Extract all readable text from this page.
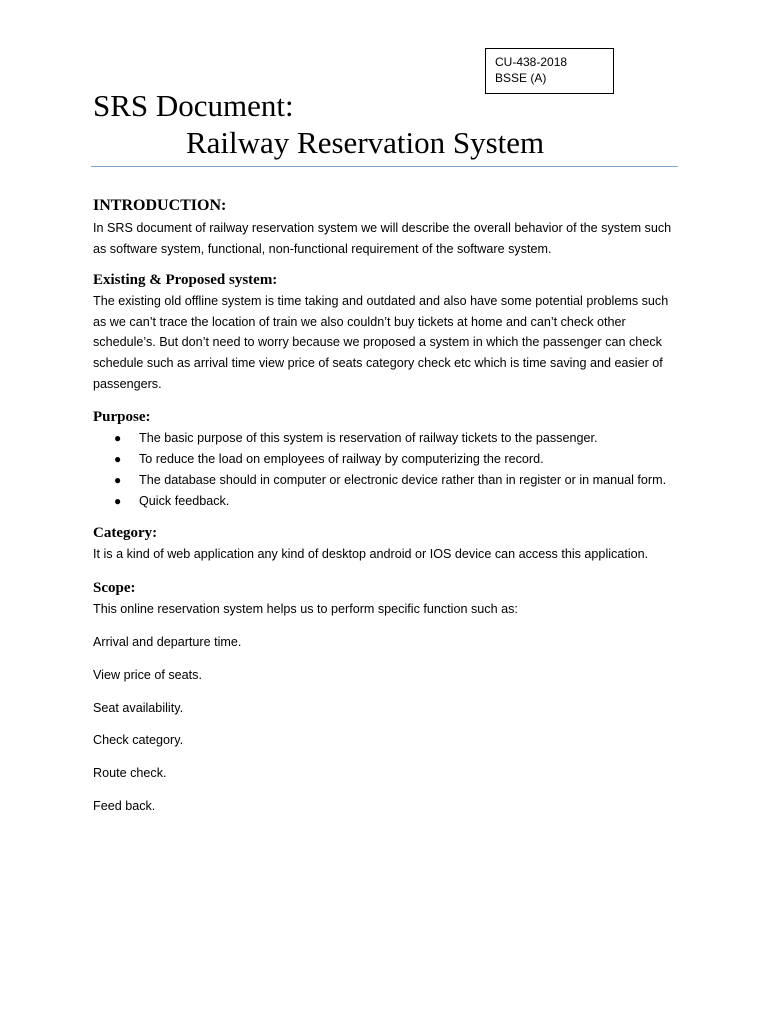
CU-438-2018
BSSE (A)
SRS Document:
Railway Reservation System
INTRODUCTION:

In SRS document of railway reservation system we will describe the overall behavior of the system such as software system, functional, non-functional requirement of the software system.

Existing & Proposed system:

The existing old offline system is time taking and outdated and also have some potential problems such as we can’t trace the location of train we also couldn’t buy tickets at home and can’t check other schedule’s. But don’t need to worry because we proposed a system in which the passenger can check schedule such as arrival time view price of seats category check etc which is time saving and easier of passengers.

Purpose:
● The basic purpose of this system is reservation of railway tickets to the passenger.
● To reduce the load on employees of railway by computerizing the record.
● The database should in computer or electronic device rather than in register or in manual form.
● Quick feedback.
Category:

It is a kind of web application any kind of desktop android or IOS device can access this application.

Scope:

This online reservation system helps us to perform specific function such as:

Arrival and departure time.
View price of seats.
Seat availability.
Check category.
Route check.
Feed back.
